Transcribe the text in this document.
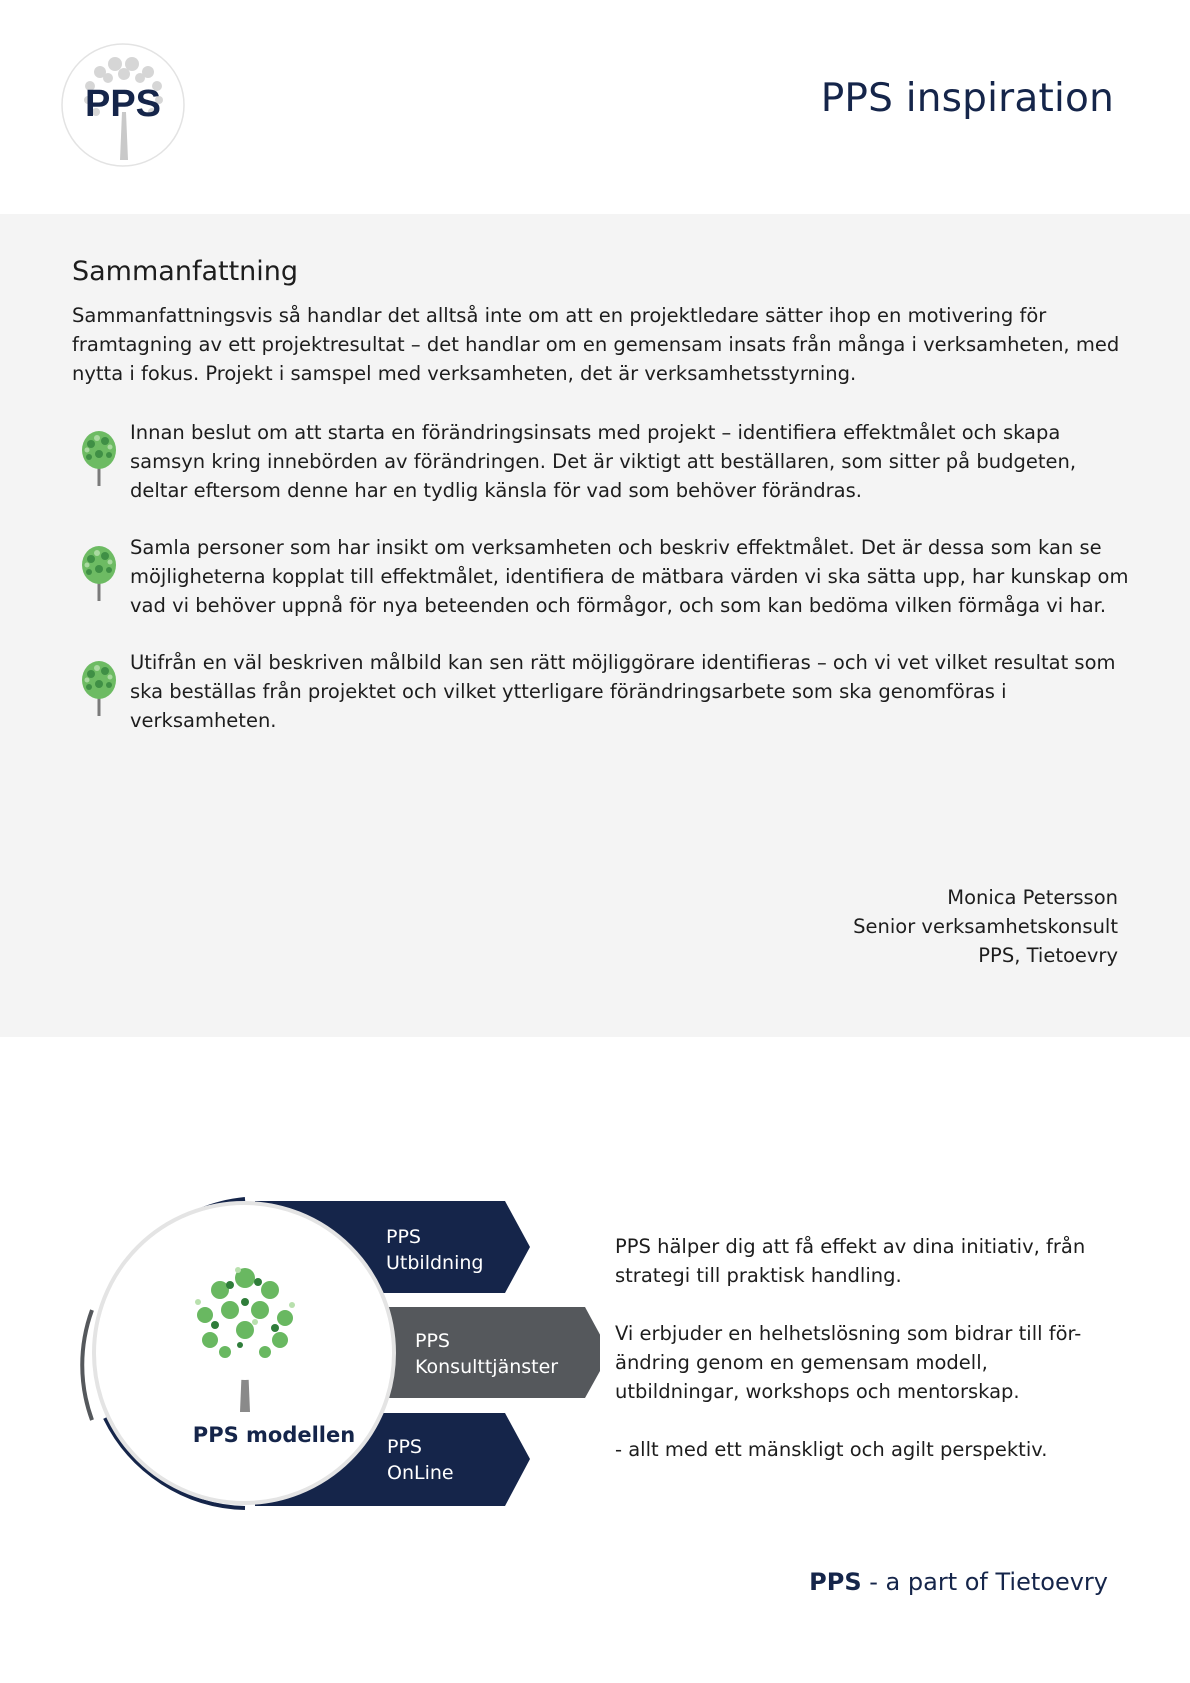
PPS	PPS inspiration
Sammanfattning
Sammanfattningsvis så handlar det alltså inte om att en projektledare sätter ihop en motivering för framtagning av ett projektresultat – det handlar om en gemensam insats från många i verksamheten, med nytta i fokus. Projekt i samspel med verksamheten, det är verksamhetsstyrning.
Innan beslut om att starta en förändringsinsats med projekt – identifiera effektmålet och skapa samsyn kring innebörden av förändringen. Det är viktigt att beställaren, som sitter på budgeten, deltar eftersom denne har en tydlig känsla för vad som behöver förändras.
Samla personer som har insikt om verksamheten och beskriv effektmålet. Det är dessa som kan se möjligheterna kopplat till effektmålet, identifiera de mätbara värden vi ska sätta upp, har kunskap om vad vi behöver uppnå för nya beteenden och förmågor, och som kan bedöma vilken förmåga vi har.
Utifrån en väl beskriven målbild kan sen rätt möjliggörare identifieras – och vi vet vilket resultat som ska beställas från projektet och vilket ytterligare förändringsarbete som ska genomföras i verksamheten.
Monica Petersson
Senior verksamhetskonsult
PPS, Tietoevry
PPS modellen
PPS
Utbildning
PPS
Konsulttjänster
PPS
OnLine

PPS hälper dig att få effekt av dina initiativ, från strategi till praktisk handling.

Vi erbjuder en helhetslösning som bidrar till för-ändring genom en gemensam modell, utbildningar, workshops och mentorskap.

- allt med ett mänskligt och agilt perspektiv.

PPS - a part of Tietoevry
